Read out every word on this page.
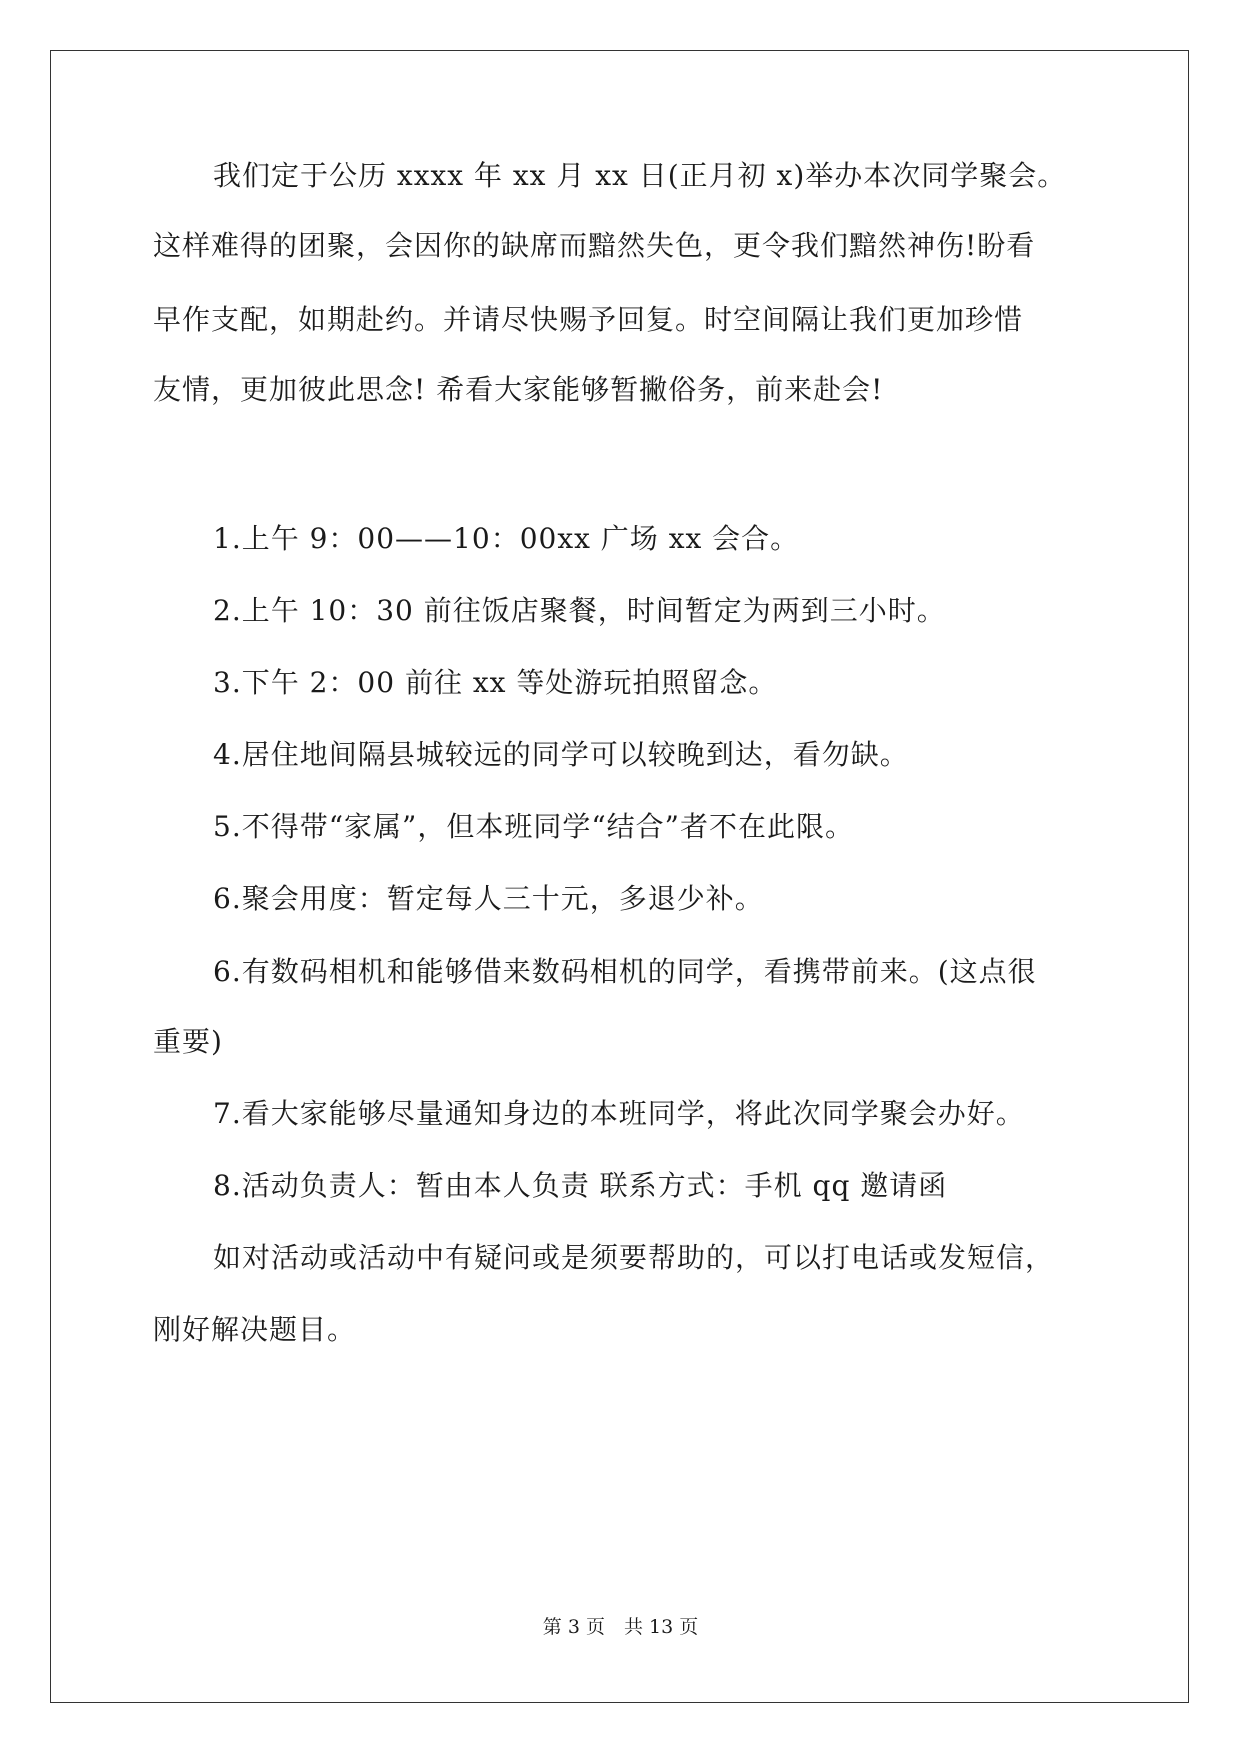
我们定于公历 xxxx 年 xx 月 xx 日(正月初 x)举办本次同学聚会。
这样难得的团聚，会因你的缺席而黯然失色，更令我们黯然神伤!盼看
早作支配，如期赴约。并请尽快赐予回复。时空间隔让我们更加珍惜
友情，更加彼此思念! 希看大家能够暂撇俗务，前来赴会!
1.上午 9：00——10：00xx 广场 xx 会合。
2.上午 10：30 前往饭店聚餐，时间暂定为两到三小时。
3.下午 2：00 前往 xx 等处游玩拍照留念。
4.居住地间隔县城较远的同学可以较晚到达，看勿缺。
5.不得带“家属”，但本班同学“结合”者不在此限。
6.聚会用度：暂定每人三十元，多退少补。
6.有数码相机和能够借来数码相机的同学，看携带前来。(这点很
重要)
7.看大家能够尽量通知身边的本班同学，将此次同学聚会办好。
8.活动负责人：暂由本人负责 联系方式：手机 qq 邀请函
如对活动或活动中有疑问或是须要帮助的，可以打电话或发短信，
刚好解决题目。
第 3 页　共 13 页
